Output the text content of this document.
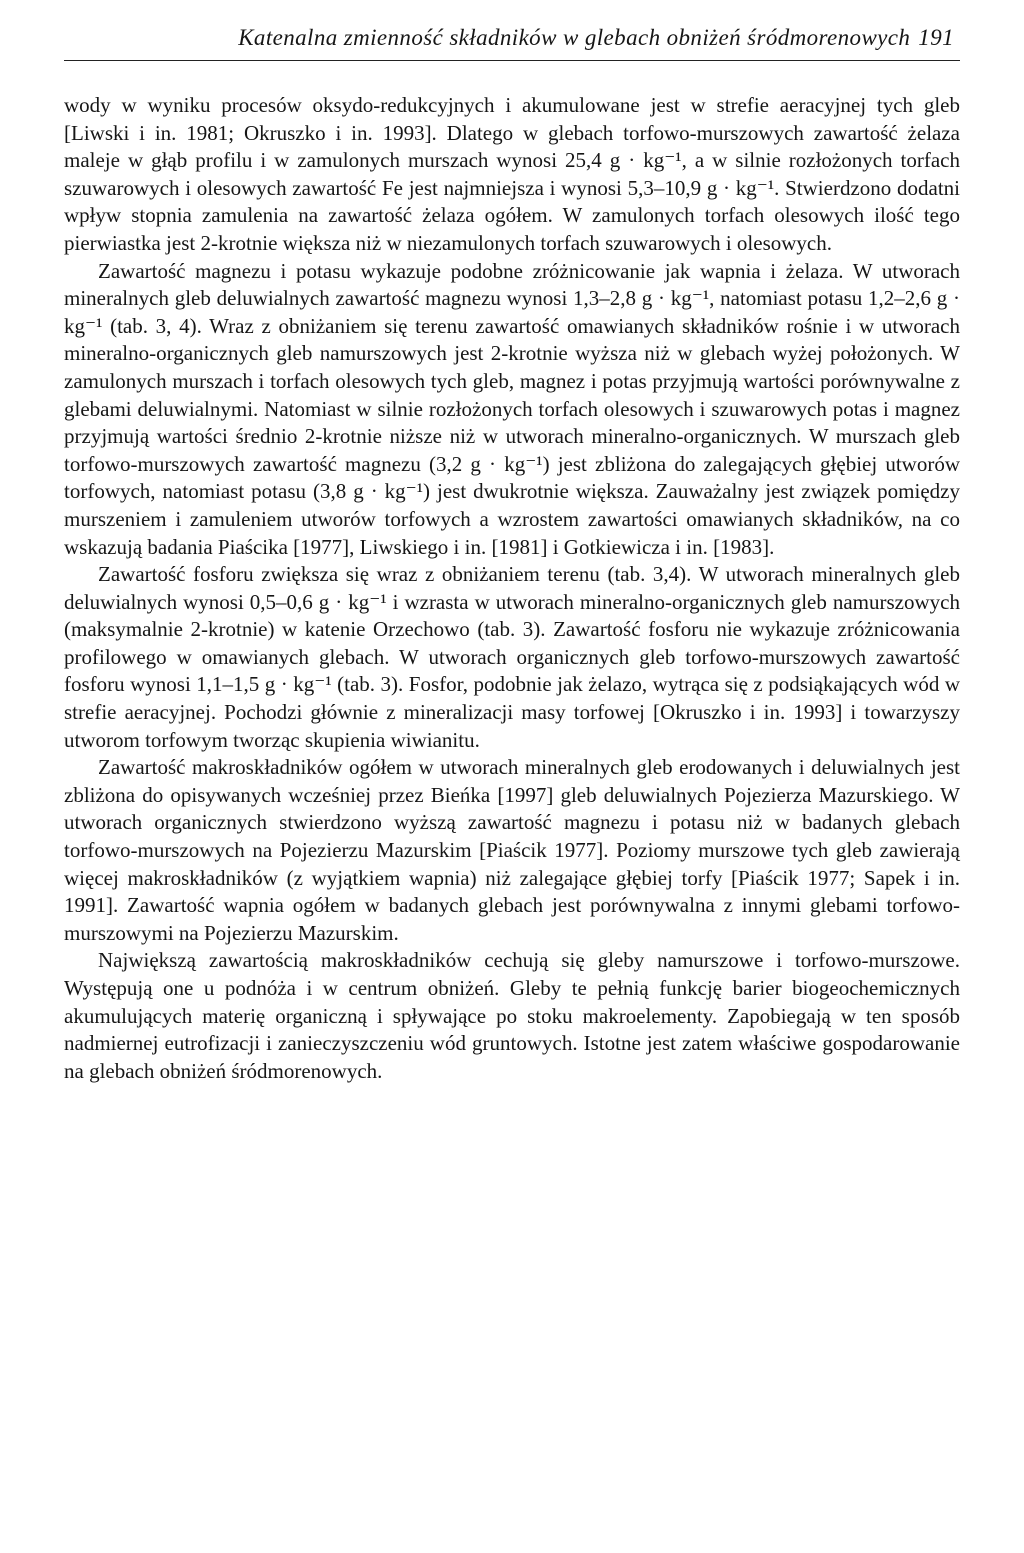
Katenalna zmienność składników w glebach obniżeń śródmorenowych 191

wody w wyniku procesów oksydo-redukcyjnych i akumulowane jest w strefie aeracyjnej tych gleb [Liwski i in. 1981; Okruszko i in. 1993]. Dlatego w glebach torfowo-murszowych zawartość żelaza maleje w głąb profilu i w zamulonych murszach wynosi 25,4 g · kg⁻¹, a w silnie rozłożonych torfach szuwarowych i olesowych zawartość Fe jest najmniejsza i wynosi 5,3–10,9 g · kg⁻¹. Stwierdzono dodatni wpływ stopnia zamulenia na zawartość żelaza ogółem. W zamulonych torfach olesowych ilość tego pierwiastka jest 2-krotnie większa niż w niezamulonych torfach szuwarowych i olesowych.

Zawartość magnezu i potasu wykazuje podobne zróżnicowanie jak wapnia i żelaza. W utworach mineralnych gleb deluwialnych zawartość magnezu wynosi 1,3–2,8 g · kg⁻¹, natomiast potasu 1,2–2,6 g · kg⁻¹ (tab. 3, 4). Wraz z obniżaniem się terenu zawartość omawianych składników rośnie i w utworach mineralno-organicznych gleb namurszowych jest 2-krotnie wyższa niż w glebach wyżej położonych. W zamulonych murszach i torfach olesowych tych gleb, magnez i potas przyjmują wartości porównywalne z glebami deluwialnymi. Natomiast w silnie rozłożonych torfach olesowych i szuwarowych potas i magnez przyjmują wartości średnio 2-krotnie niższe niż w utworach mineralno-organicznych. W murszach gleb torfowo-murszowych zawartość magnezu (3,2 g · kg⁻¹) jest zbliżona do zalegających głębiej utworów torfowych, natomiast potasu (3,8 g · kg⁻¹) jest dwukrotnie większa. Zauważalny jest związek pomiędzy murszeniem i zamuleniem utworów torfowych a wzrostem zawartości omawianych składników, na co wskazują badania Piaścika [1977], Liwskiego i in. [1981] i Gotkiewicza i in. [1983].

Zawartość fosforu zwiększa się wraz z obniżaniem terenu (tab. 3,4). W utworach mineralnych gleb deluwialnych wynosi 0,5–0,6 g · kg⁻¹ i wzrasta w utworach mineralno-organicznych gleb namurszowych (maksymalnie 2-krotnie) w katenie Orzechowo (tab. 3). Zawartość fosforu nie wykazuje zróżnicowania profilowego w omawianych glebach. W utworach organicznych gleb torfowo-murszowych zawartość fosforu wynosi 1,1–1,5 g · kg⁻¹ (tab. 3). Fosfor, podobnie jak żelazo, wytrąca się z podsiąkających wód w strefie aeracyjnej. Pochodzi głównie z mineralizacji masy torfowej [Okruszko i in. 1993] i towarzyszy utworom torfowym tworząc skupienia wiwianitu.

Zawartość makroskładników ogółem w utworach mineralnych gleb erodowanych i deluwialnych jest zbliżona do opisywanych wcześniej przez Bieńka [1997] gleb deluwialnych Pojezierza Mazurskiego. W utworach organicznych stwierdzono wyższą zawartość magnezu i potasu niż w badanych glebach torfowo-murszowych na Pojezierzu Mazurskim [Piaścik 1977]. Poziomy murszowe tych gleb zawierają więcej makroskładników (z wyjątkiem wapnia) niż zalegające głębiej torfy [Piaścik 1977; Sapek i in. 1991]. Zawartość wapnia ogółem w badanych glebach jest porównywalna z innymi glebami torfowo-murszowymi na Pojezierzu Mazurskim.

Największą zawartością makroskładników cechują się gleby namurszowe i torfowo-murszowe. Występują one u podnóża i w centrum obniżeń. Gleby te pełnią funkcję barier biogeochemicznych akumulujących materię organiczną i spływające po stoku makroelementy. Zapobiegają w ten sposób nadmiernej eutrofizacji i zanieczyszczeniu wód gruntowych. Istotne jest zatem właściwe gospodarowanie na glebach obniżeń śródmorenowych.
